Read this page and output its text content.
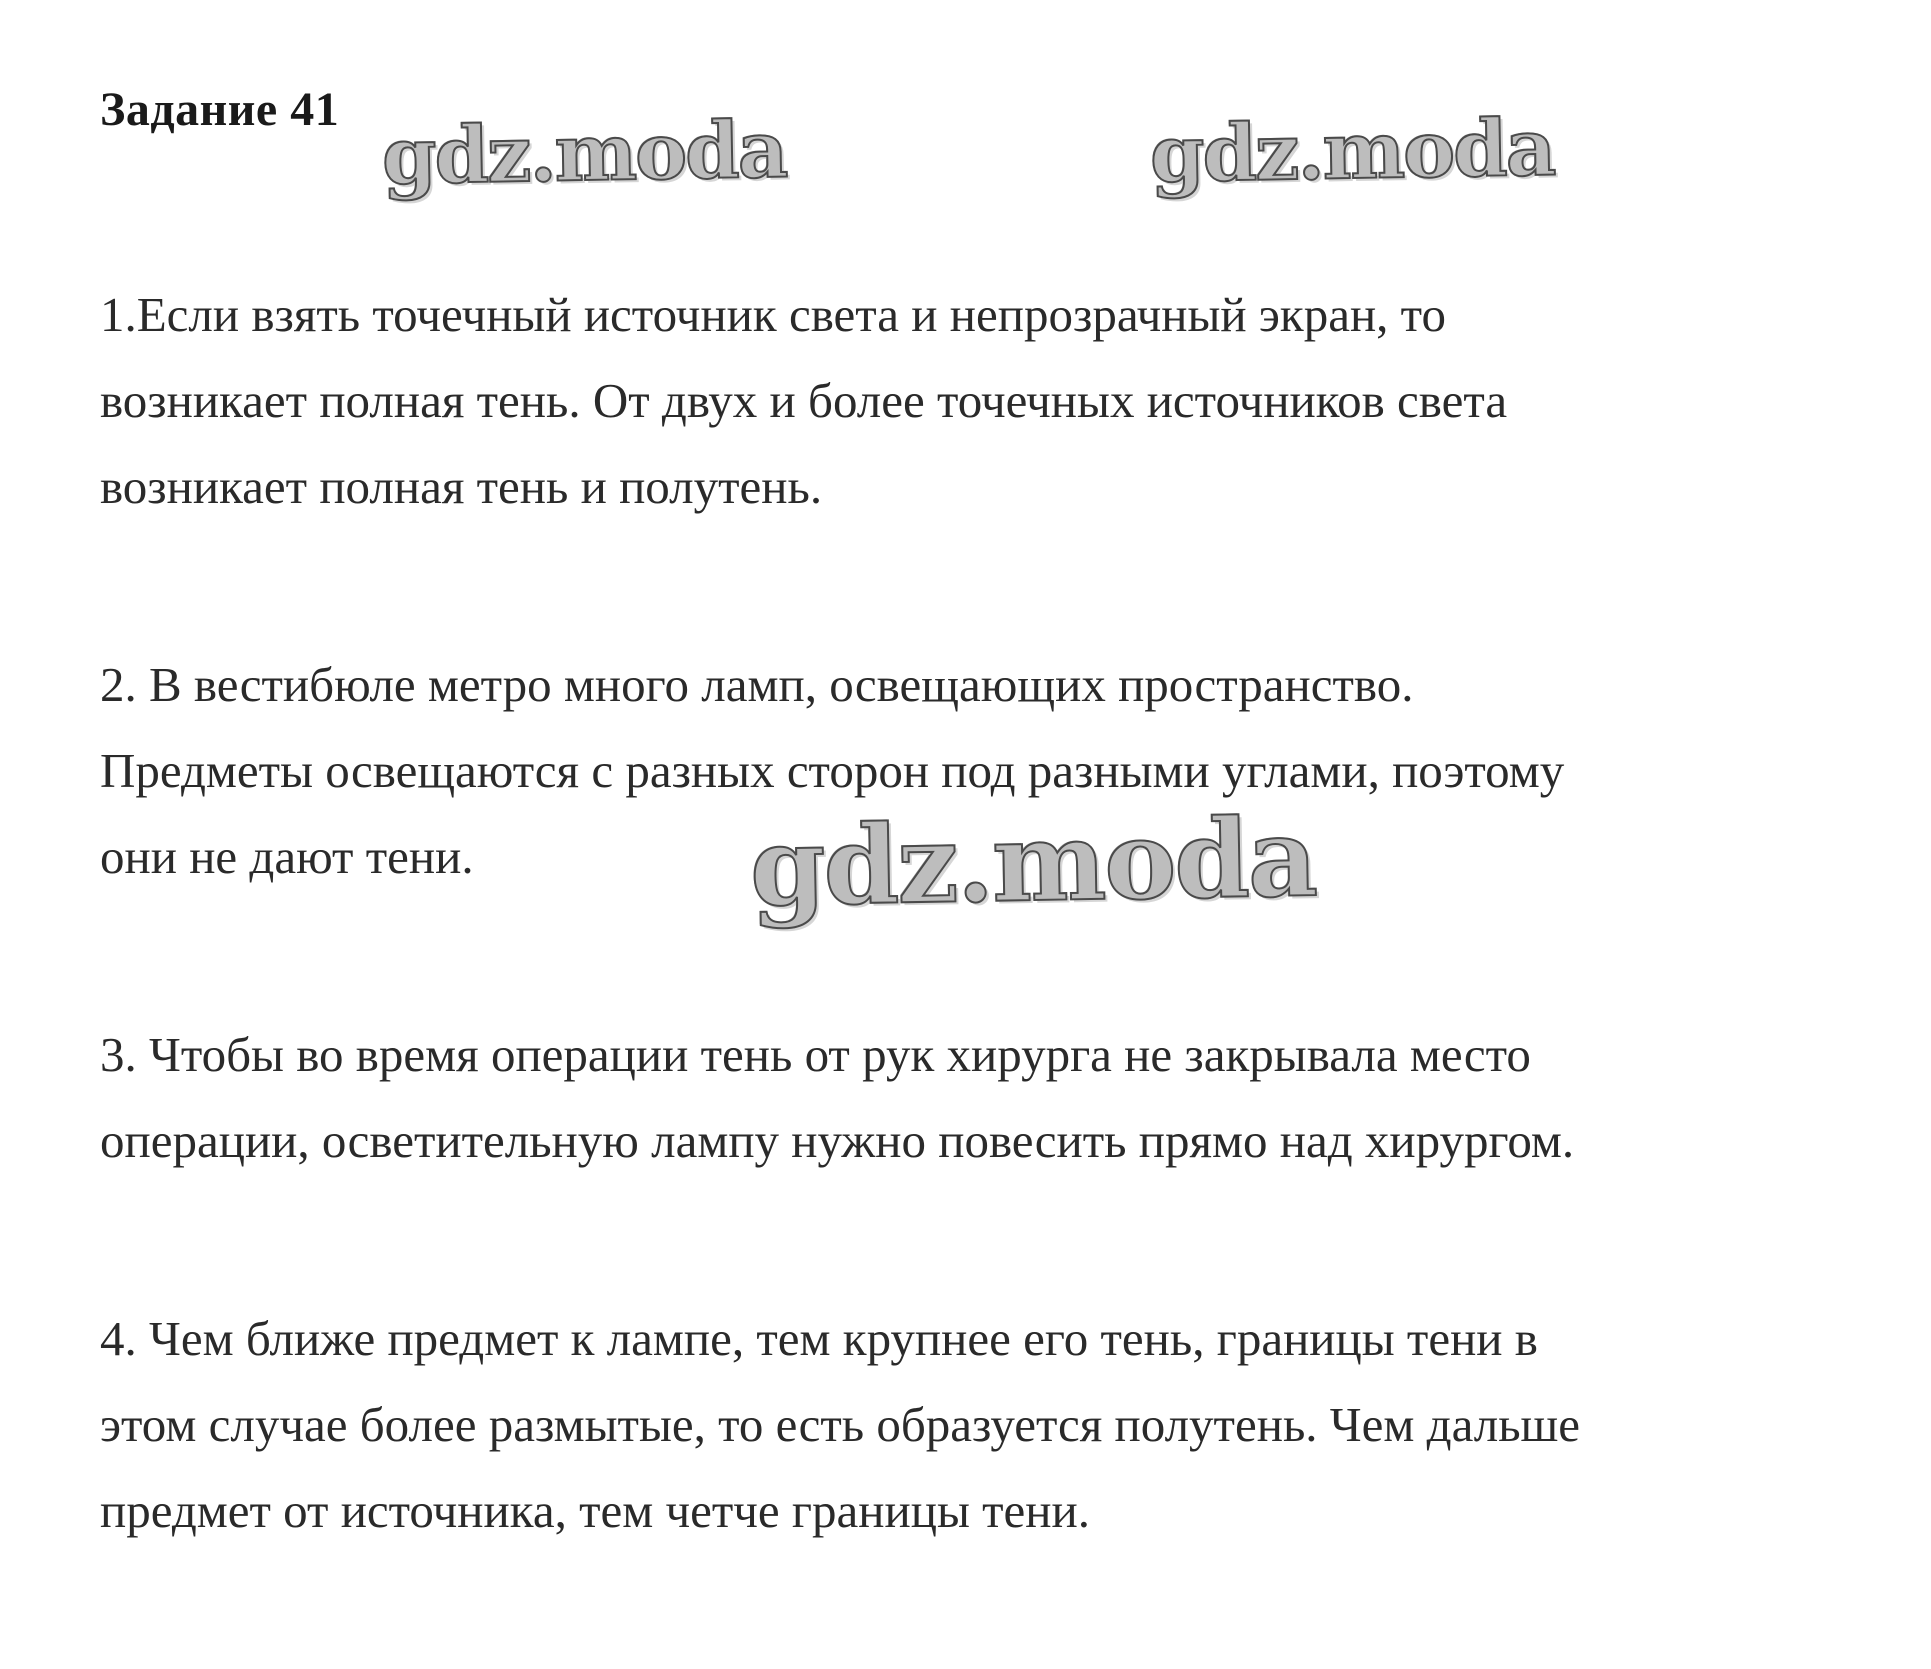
Задание 41 gdz.moda	gdz.moda

1.Если взять точечный источник света и непрозрачный экран, то
возникает полная тень. От двух и более точечных источников света
возникает полная тень и полутень.

2. В вестибюле метро много ламп, освещающих пространство.
Предметы освещаются с разных сторон под разными углами, поэтому
они не дают тени.

3. Чтобы во время операции тень от рук хирурга не закрывала место
операции, осветительную лампу нужно повесить прямо над хирургом.

4. Чем ближе предмет к лампе, тем крупнее его тень, границы тени в
этом случае более размытые, то есть образуется полутень. Чем дальше
предмет от источника, тем четче границы тени.

gdz.moda
